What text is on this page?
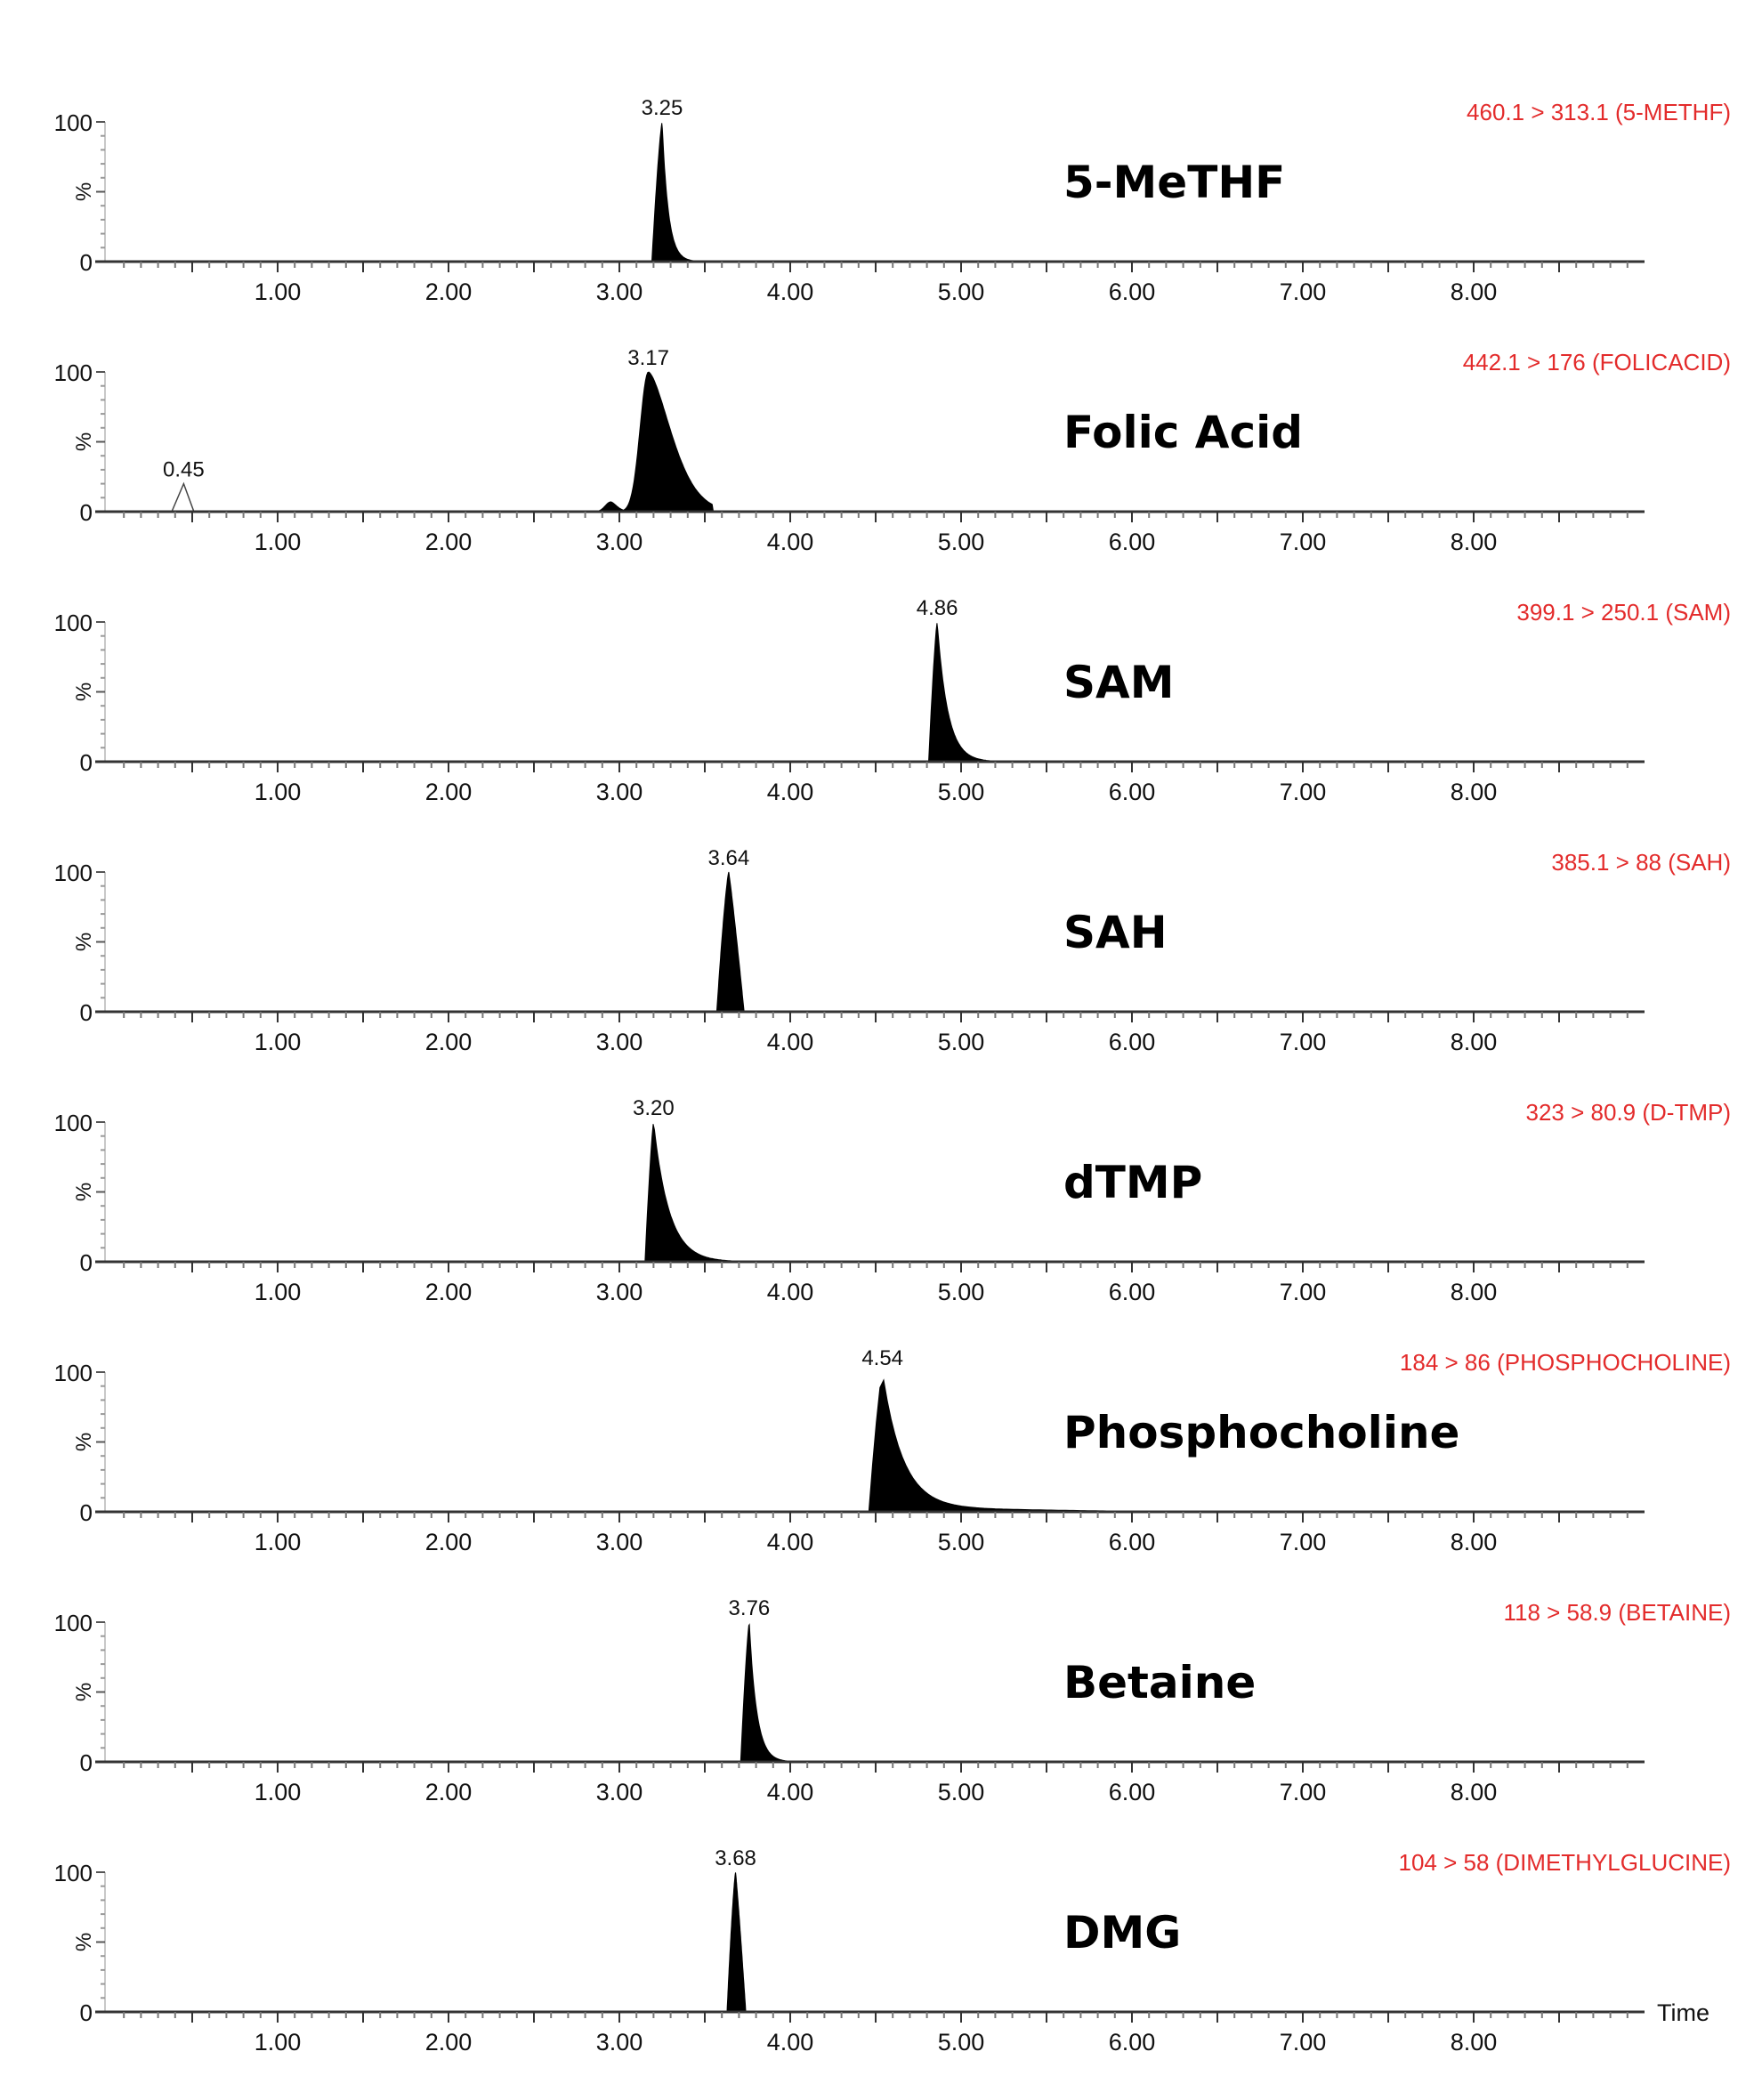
100
0
%
3.25
1.00	2.00	3.00	4.00	5.00	6.00	7.00	8.00
460.1 > 313.1 (5-METHF)
5-MeTHF
100
0
%
0.45
3.17
1.00	2.00	3.00	4.00	5.00	6.00	7.00	8.00
442.1 > 176 (FOLICACID)
Folic Acid
100
0
%
4.86
1.00	2.00	3.00	4.00	5.00	6.00	7.00	8.00
399.1 > 250.1 (SAM)
SAM
100
0
%
3.64
1.00	2.00	3.00	4.00	5.00	6.00	7.00	8.00
385.1 > 88 (SAH)
SAH
100
0
%
3.20
1.00	2.00	3.00	4.00	5.00	6.00	7.00	8.00
323 > 80.9 (D-TMP)
dTMP
100
0
%
4.54
1.00	2.00	3.00	4.00	5.00	6.00	7.00	8.00
184 > 86 (PHOSPHOCHOLINE)
Phosphocholine
100
0
%
3.76
1.00	2.00	3.00	4.00	5.00	6.00	7.00	8.00
118 > 58.9 (BETAINE)
Betaine
100
0
%
3.68
1.00	2.00	3.00	4.00	5.00	6.00	7.00	8.00
104 > 58 (DIMETHYLGLUCINE)
DMG
Time
